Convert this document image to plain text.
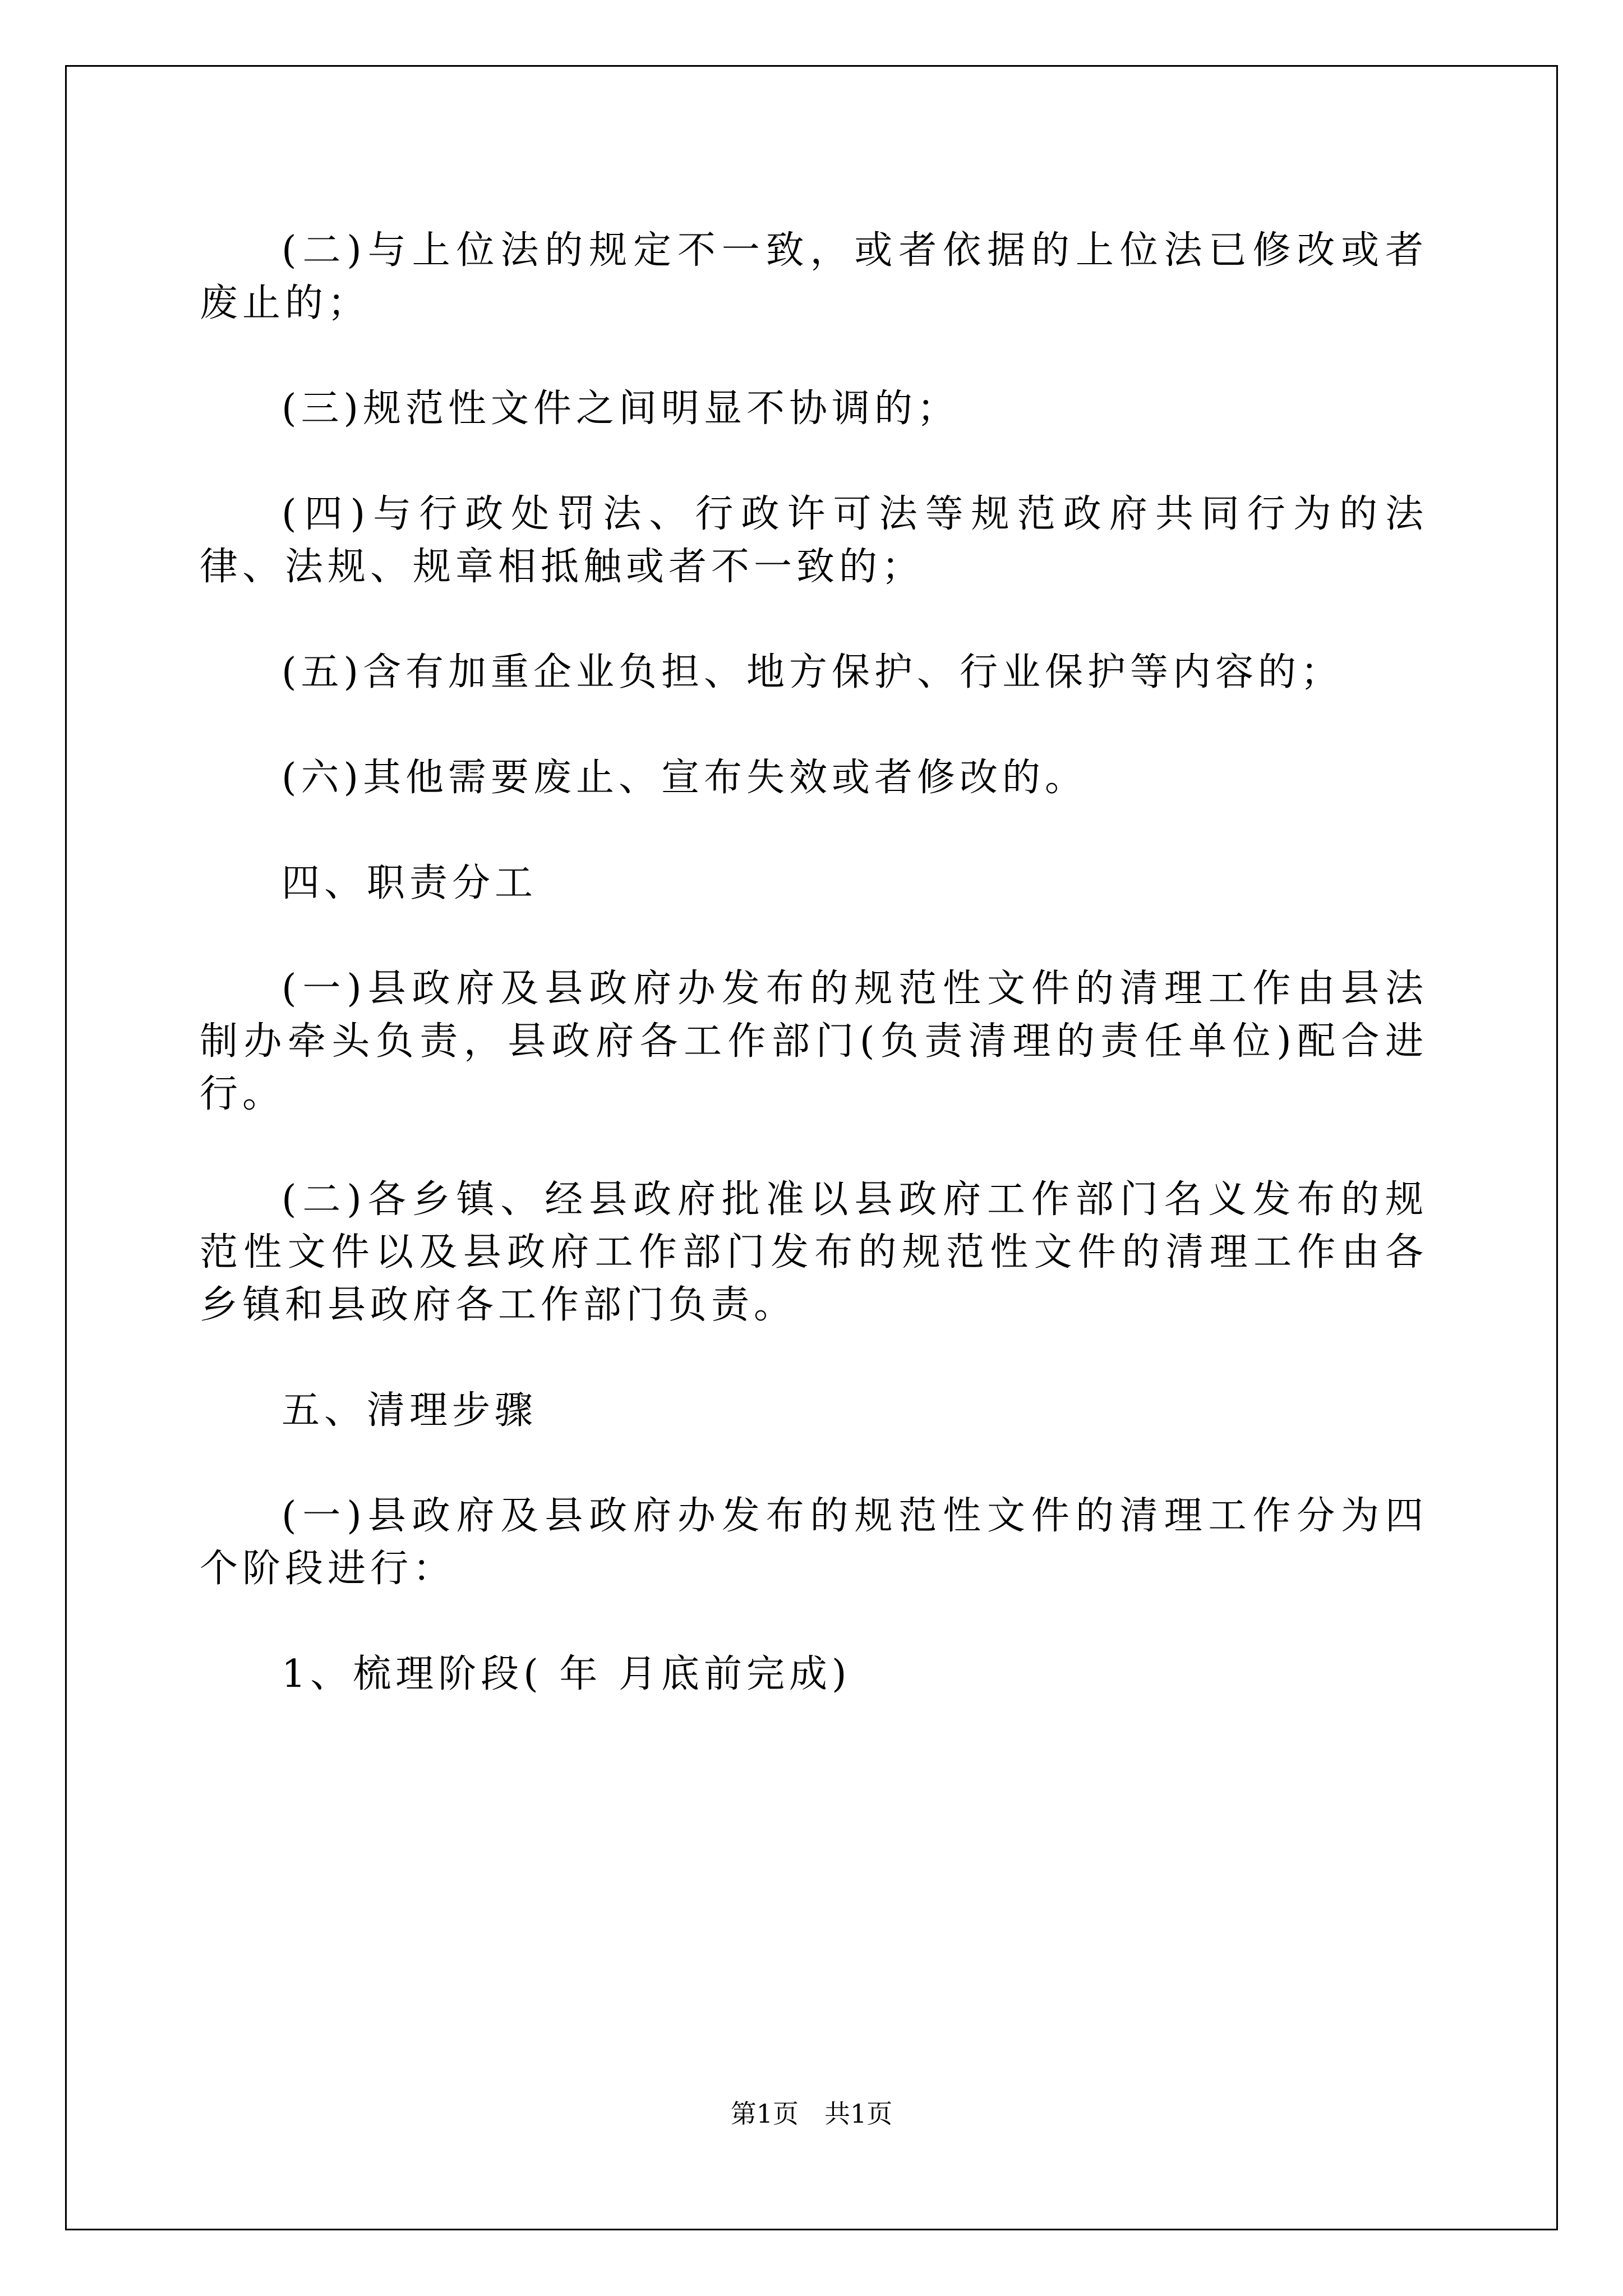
(二)与上位法的规定不一致，或者依据的上位法已修改或者废止的；

(三)规范性文件之间明显不协调的；

(四)与行政处罚法、行政许可法等规范政府共同行为的法律、法规、规章相抵触或者不一致的；

(五)含有加重企业负担、地方保护、行业保护等内容的；

(六)其他需要废止、宣布失效或者修改的。

四、职责分工

(一)县政府及县政府办发布的规范性文件的清理工作由县法制办牵头负责，县政府各工作部门(负责清理的责任单位)配合进行。

(二)各乡镇、经县政府批准以县政府工作部门名义发布的规范性文件以及县政府工作部门发布的规范性文件的清理工作由各乡镇和县政府各工作部门负责。

五、清理步骤

(一)县政府及县政府办发布的规范性文件的清理工作分为四个阶段进行：

1、梳理阶段( 年 月底前完成)

第1页　共1页
